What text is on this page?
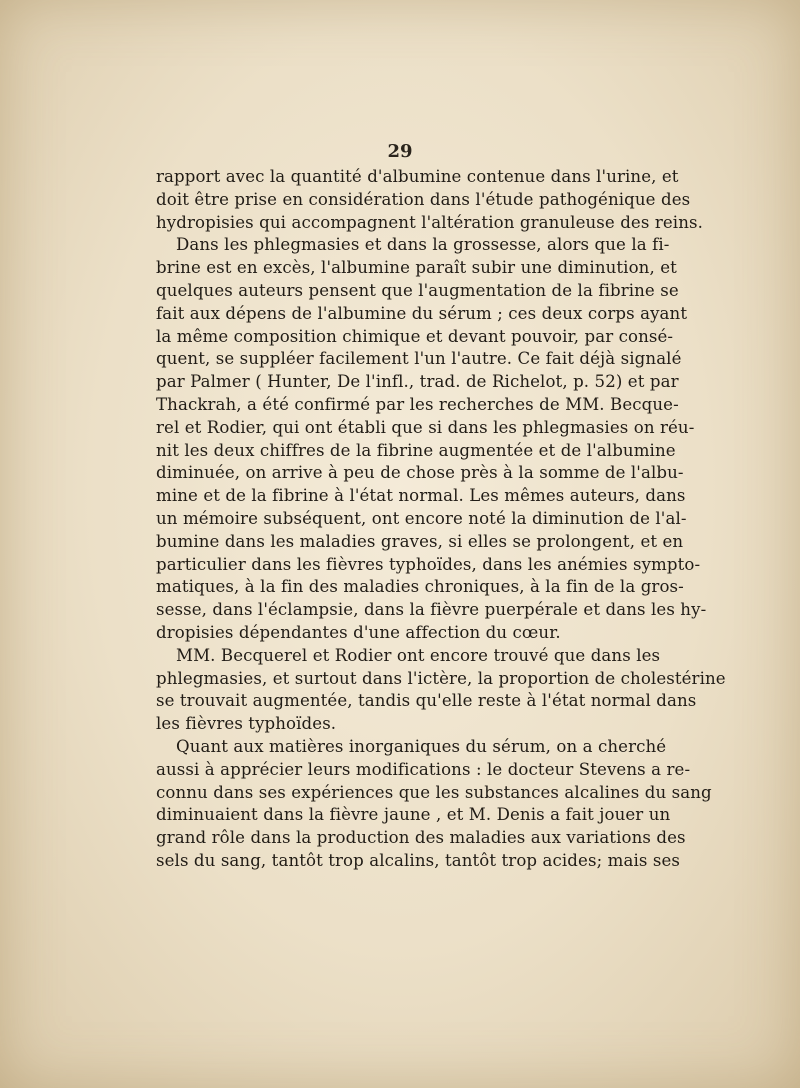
29
rapport avec la quantité d'albumine contenue dans l'urine, et
doit être prise en considération dans l'étude pathogénique des
hydropisies qui accompagnent l'altération granuleuse des reins.
Dans les phlegmasies et dans la grossesse, alors que la fi-
brine est en excès, l'albumine paraît subir une diminution, et
quelques auteurs pensent que l'augmentation de la fibrine se
fait aux dépens de l'albumine du sérum ; ces deux corps ayant
la même composition chimique et devant pouvoir, par consé-
quent, se suppléer facilement l'un l'autre. Ce fait déjà signalé
par Palmer ( Hunter, De l'infl., trad. de Richelot, p. 52) et par
Thackrah, a été confirmé par les recherches de MM. Becque-
rel et Rodier, qui ont établi que si dans les phlegmasies on réu-
nit les deux chiffres de la fibrine augmentée et de l'albumine
diminuée, on arrive à peu de chose près à la somme de l'albu-
mine et de la fibrine à l'état normal. Les mêmes auteurs, dans
un mémoire subséquent, ont encore noté la diminution de l'al-
bumine dans les maladies graves, si elles se prolongent, et en
particulier dans les fièvres typhoïdes, dans les anémies sympto-
matiques, à la fin des maladies chroniques, à la fin de la gros-
sesse, dans l'éclampsie, dans la fièvre puerpérale et dans les hy-
dropisies dépendantes d'une affection du cœur.
MM. Becquerel et Rodier ont encore trouvé que dans les
phlegmasies, et surtout dans l'ictère, la proportion de cholestérine
se trouvait augmentée, tandis qu'elle reste à l'état normal dans
les fièvres typhoïdes.
Quant aux matières inorganiques du sérum, on a cherché
aussi à apprécier leurs modifications : le docteur Stevens a re-
connu dans ses expériences que les substances alcalines du sang
diminuaient dans la fièvre jaune , et M. Denis a fait jouer un
grand rôle dans la production des maladies aux variations des
sels du sang, tantôt trop alcalins, tantôt trop acides; mais ses
